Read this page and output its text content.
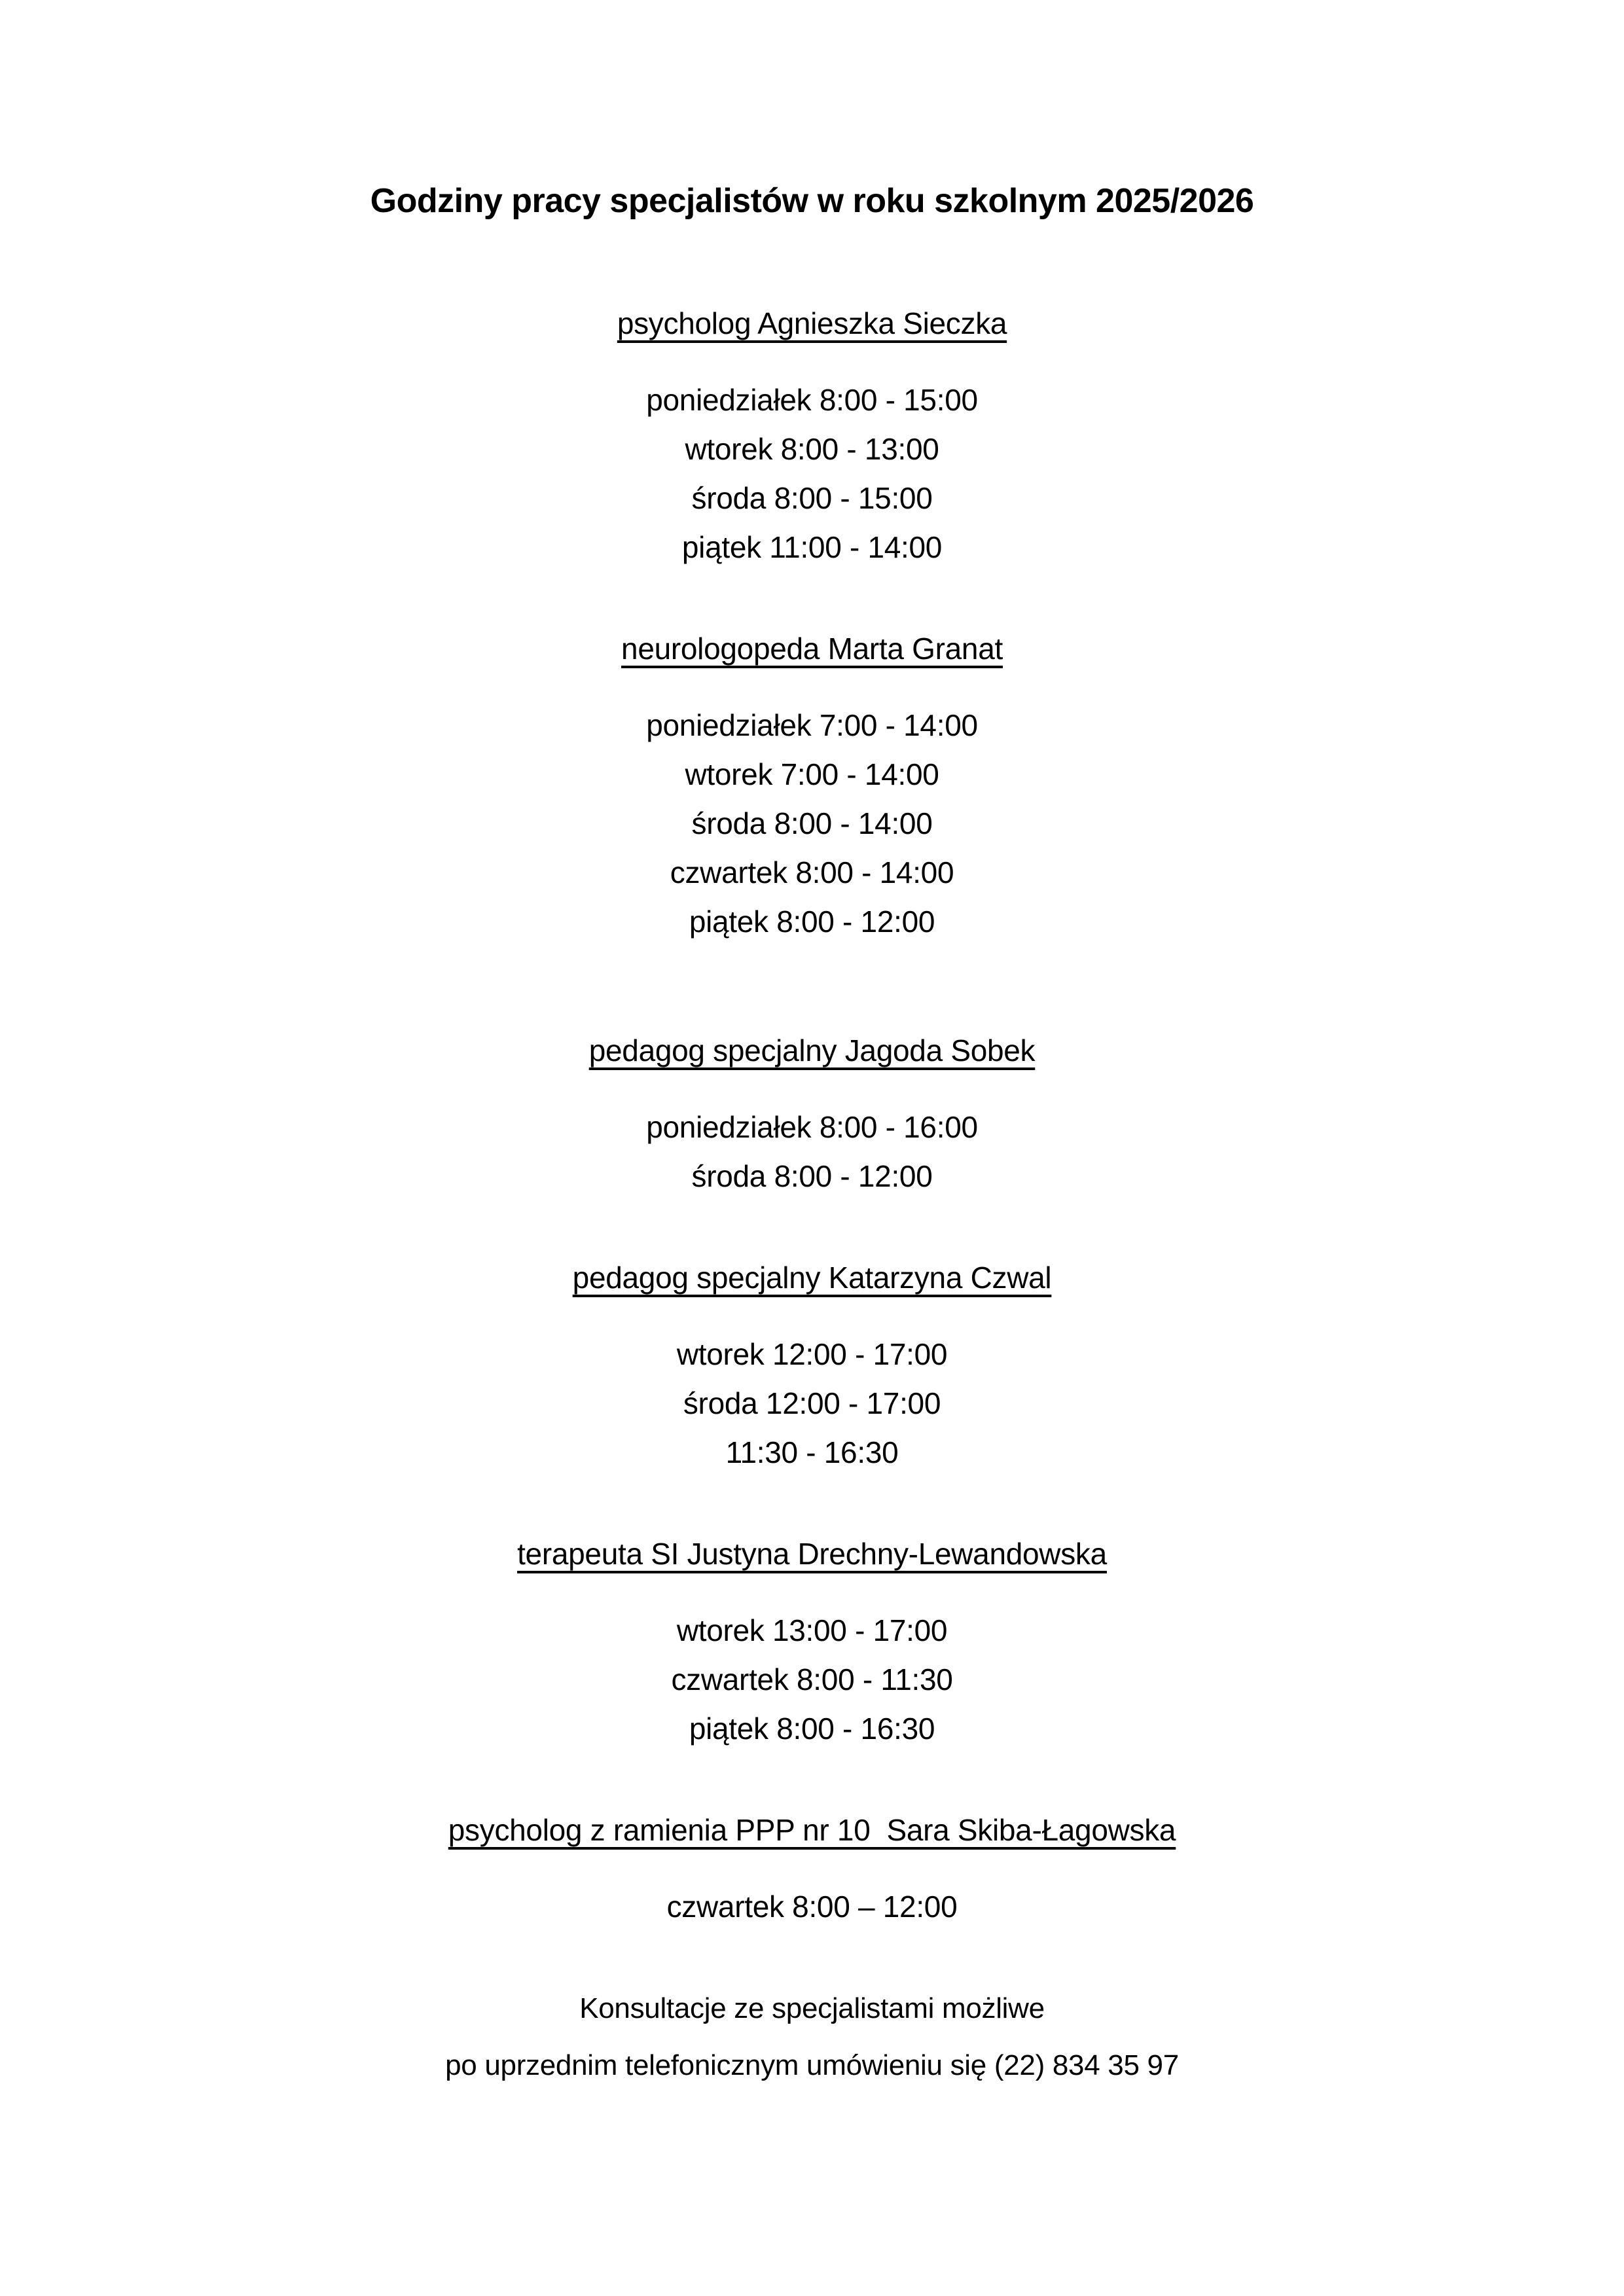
Godziny pracy specjalistów w roku szkolnym 2025/2026
psycholog Agnieszka Sieczka
poniedziałek 8:00 - 15:00
wtorek 8:00 - 13:00
środa 8:00 - 15:00
piątek 11:00 - 14:00
neurologopeda Marta Granat
poniedziałek 7:00 - 14:00
wtorek 7:00 - 14:00
środa 8:00 - 14:00
czwartek 8:00 - 14:00
piątek 8:00 - 12:00
pedagog specjalny Jagoda Sobek
poniedziałek 8:00 - 16:00
środa 8:00 - 12:00
pedagog specjalny Katarzyna Czwal
wtorek 12:00 - 17:00
środa 12:00 - 17:00
11:30 - 16:30
terapeuta SI Justyna Drechny-Lewandowska
wtorek 13:00 - 17:00
czwartek 8:00 - 11:30
piątek 8:00 - 16:30
psycholog z ramienia PPP nr 10  Sara Skiba-Łagowska
czwartek 8:00 – 12:00
Konsultacje ze specjalistami możliwe
po uprzednim telefonicznym umówieniu się (22) 834 35 97
